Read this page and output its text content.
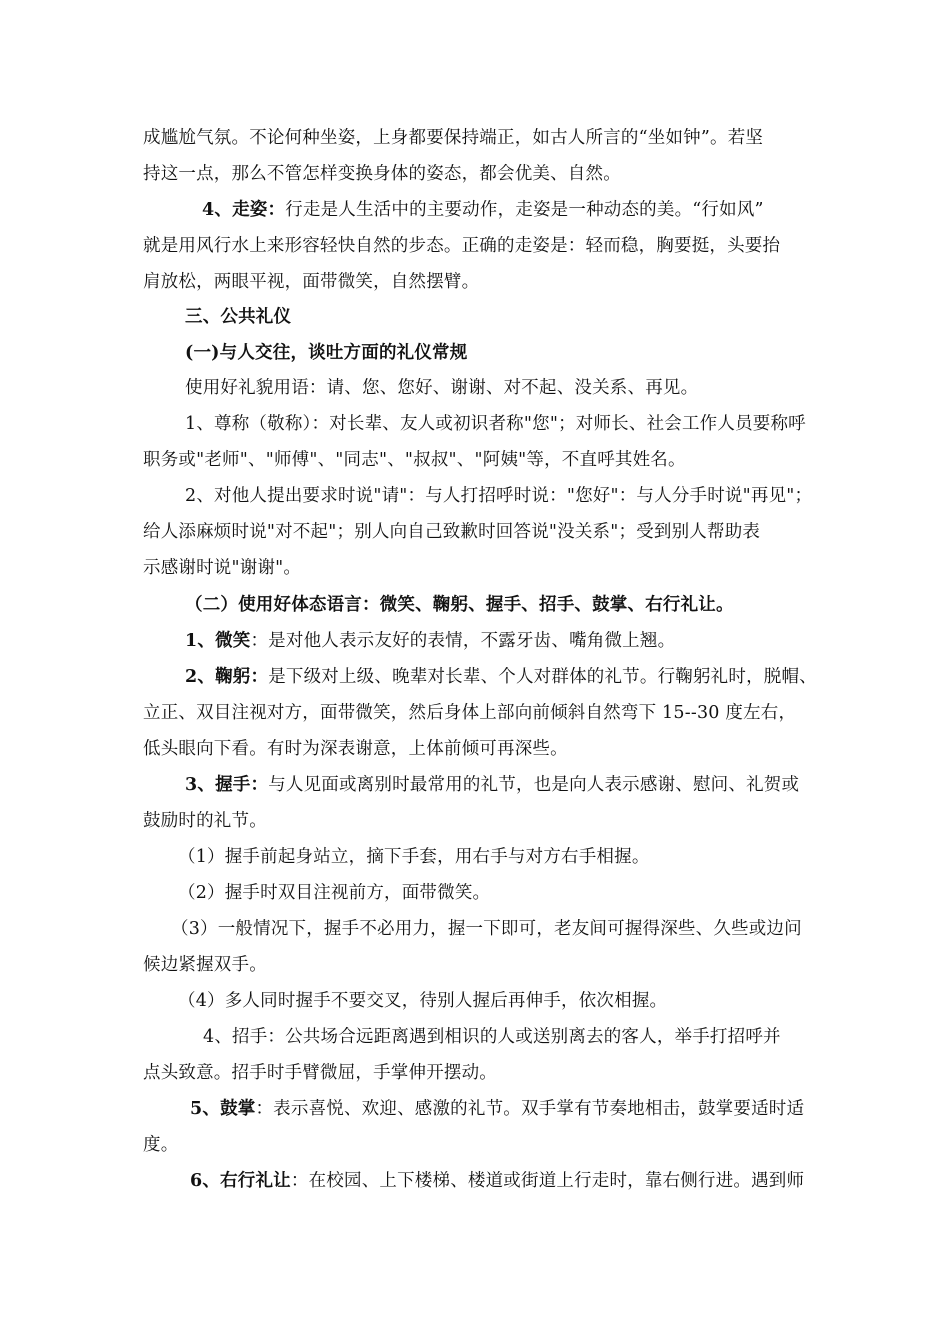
成尴尬气氛。不论何种坐姿，上身都要保持端正，如古人所言的“坐如钟”。若坚
持这一点，那么不管怎样变换身体的姿态，都会优美、自然。
4、走姿：行走是人生活中的主要动作，走姿是一种动态的美。“行如风”
就是用风行水上来形容轻快自然的步态。正确的走姿是：轻而稳，胸要挺，头要抬
肩放松，两眼平视，面带微笑，自然摆臂。
三、公共礼仪
(一)与人交往，谈吐方面的礼仪常规
使用好礼貌用语：请、您、您好、谢谢、对不起、没关系、再见。
1、尊称（敬称）：对长辈、友人或初识者称"您"；对师长、社会工作人员要称呼
职务或"老师"、"师傅"、"同志"、"叔叔"、"阿姨"等，不直呼其姓名。
2、对他人提出要求时说"请"：与人打招呼时说："您好"：与人分手时说"再见"；
给人添麻烦时说"对不起"；别人向自己致歉时回答说"没关系"；受到别人帮助表
示感谢时说"谢谢"。
（二）使用好体态语言：微笑、鞠躬、握手、招手、鼓掌、右行礼让。
1、微笑：是对他人表示友好的表情，不露牙齿、嘴角微上翘。
2、鞠躬：是下级对上级、晚辈对长辈、个人对群体的礼节。行鞠躬礼时，脱帽、
立正、双目注视对方，面带微笑，然后身体上部向前倾斜自然弯下 15--30 度左右，
低头眼向下看。有时为深表谢意，上体前倾可再深些。
3、握手：与人见面或离别时最常用的礼节，也是向人表示感谢、慰问、礼贺或
鼓励时的礼节。
（1）握手前起身站立，摘下手套，用右手与对方右手相握。
（2）握手时双目注视前方，面带微笑。
（3）一般情况下，握手不必用力，握一下即可，老友间可握得深些、久些或边问
候边紧握双手。
（4）多人同时握手不要交叉，待别人握后再伸手，依次相握。
4、招手：公共场合远距离遇到相识的人或送别离去的客人，举手打招呼并
点头致意。招手时手臂微屈，手掌伸开摆动。
5、鼓掌：表示喜悦、欢迎、感激的礼节。双手掌有节奏地相击，鼓掌要适时适
度。
6、右行礼让：在校园、上下楼梯、楼道或街道上行走时，靠右侧行进。遇到师
